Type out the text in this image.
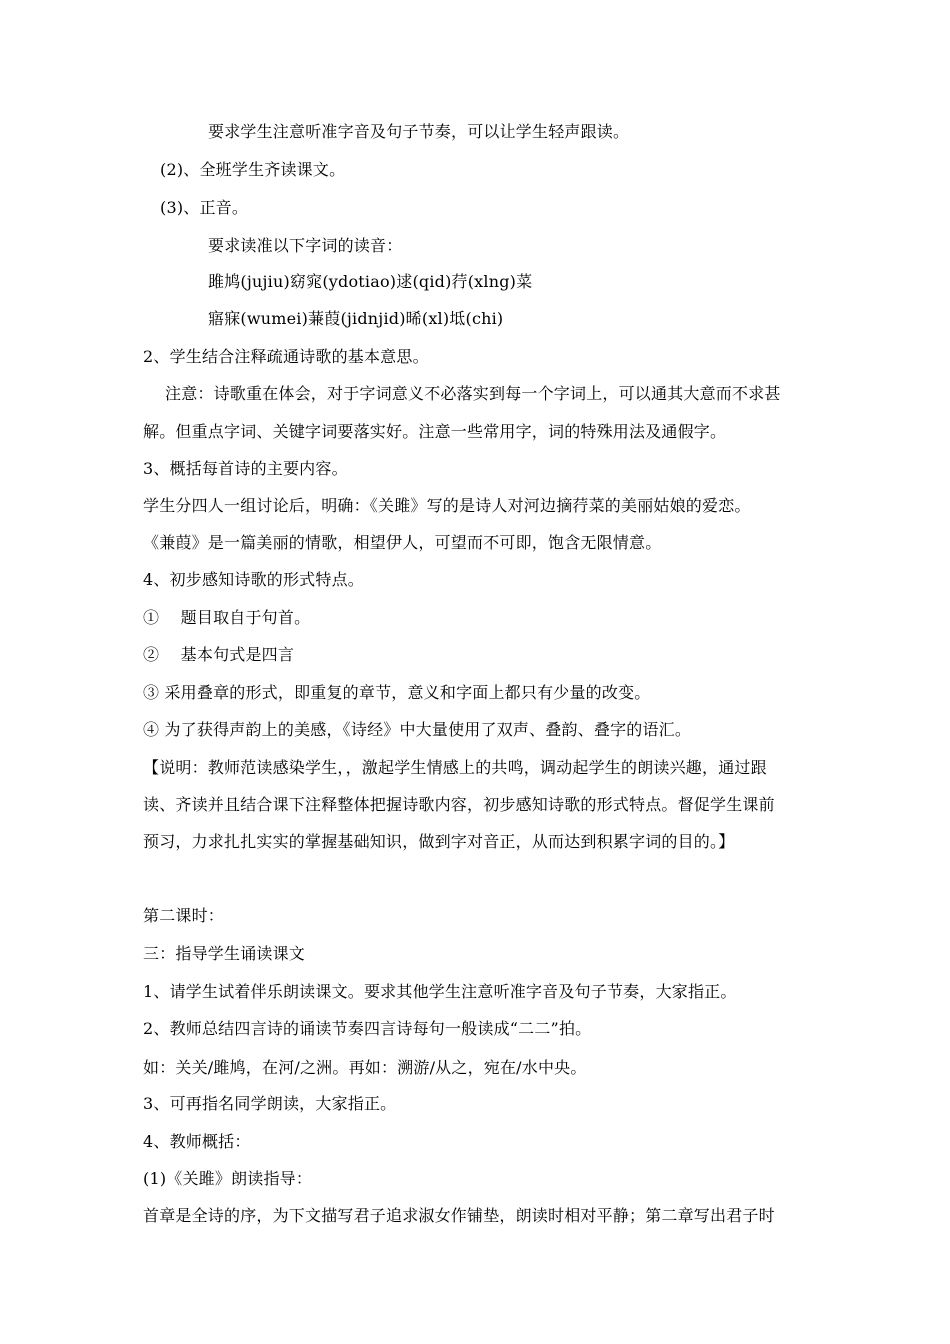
要求学生注意听准字音及句子节奏，可以让学生轻声跟读。
(2)、全班学生齐读课文。
(3)、正音。
要求读准以下字词的读音：
雎鸠(jujiu)窈窕(ydotiao)逑(qid)荇(xlng)菜
寤寐(wumei)蒹葭(jidnjid)晞(xl)坻(chi)
2、学生结合注释疏通诗歌的基本意思。
注意：诗歌重在体会，对于字词意义不必落实到每一个字词上，可以通其大意而不求甚
解。但重点字词、关键字词要落实好。注意一些常用字，词的特殊用法及通假字。
3、概括每首诗的主要内容。
学生分四人一组讨论后，明确：《关雎》写的是诗人对河边摘荇菜的美丽姑娘的爱恋。
《兼葭》是一篇美丽的情歌，相望伊人，可望而不可即，饱含无限情意。
4、初步感知诗歌的形式特点。
①　 题目取自于句首。
②　 基本句式是四言
③ 采用叠章的形式，即重复的章节，意义和字面上都只有少量的改变。
④ 为了获得声韵上的美感，《诗经》中大量使用了双声、叠韵、叠字的语汇。
【说明：教师范读感染学生，，激起学生情感上的共鸣，调动起学生的朗读兴趣，通过跟
读、齐读并且结合课下注释整体把握诗歌内容，初步感知诗歌的形式特点。督促学生课前
预习，力求扎扎实实的掌握基础知识，做到字对音正，从而达到积累字词的目的。】
第二课时：
三：指导学生诵读课文
1、请学生试着伴乐朗读课文。要求其他学生注意听准字音及句子节奏，大家指正。
2、教师总结四言诗的诵读节奏四言诗每句一般读成“二二”拍。
如：关关/雎鸠，在河/之洲。再如：溯游/从之，宛在/水中央。
3、可再指名同学朗读，大家指正。
4、教师概括：
(1)《关雎》朗读指导：
首章是全诗的序，为下文描写君子追求淑女作铺垫，朗读时相对平静；第二章写出君子时
